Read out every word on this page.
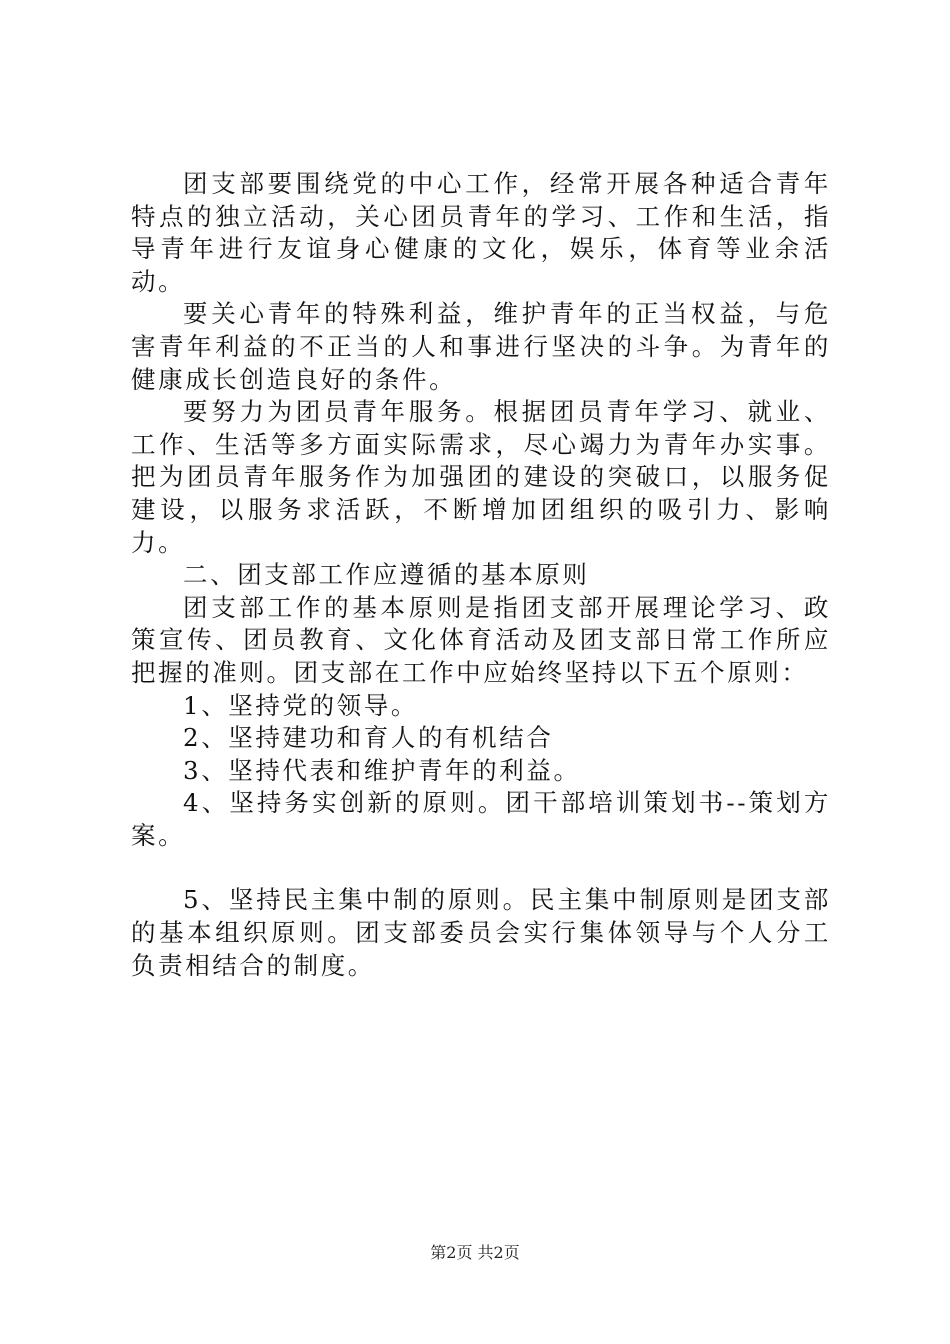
团支部要围绕党的中心工作，经常开展各种适合青年特点的独立活动，关心团员青年的学习、工作和生活，指导青年进行友谊身心健康的文化，娱乐，体育等业余活动。

要关心青年的特殊利益，维护青年的正当权益，与危害青年利益的不正当的人和事进行坚决的斗争。为青年的健康成长创造良好的条件。

要努力为团员青年服务。根据团员青年学习、就业、工作、生活等多方面实际需求，尽心竭力为青年办实事。把为团员青年服务作为加强团的建设的突破口，以服务促建设，以服务求活跃，不断增加团组织的吸引力、影响力。

二、团支部工作应遵循的基本原则

团支部工作的基本原则是指团支部开展理论学习、政策宣传、团员教育、文化体育活动及团支部日常工作所应把握的准则。团支部在工作中应始终坚持以下五个原则：

1、坚持党的领导。

2、坚持建功和育人的有机结合

3、坚持代表和维护青年的利益。

4、坚持务实创新的原则。团干部培训策划书--策划方案。

5、坚持民主集中制的原则。民主集中制原则是团支部的基本组织原则。团支部委员会实行集体领导与个人分工负责相结合的制度。

第2页 共2页
